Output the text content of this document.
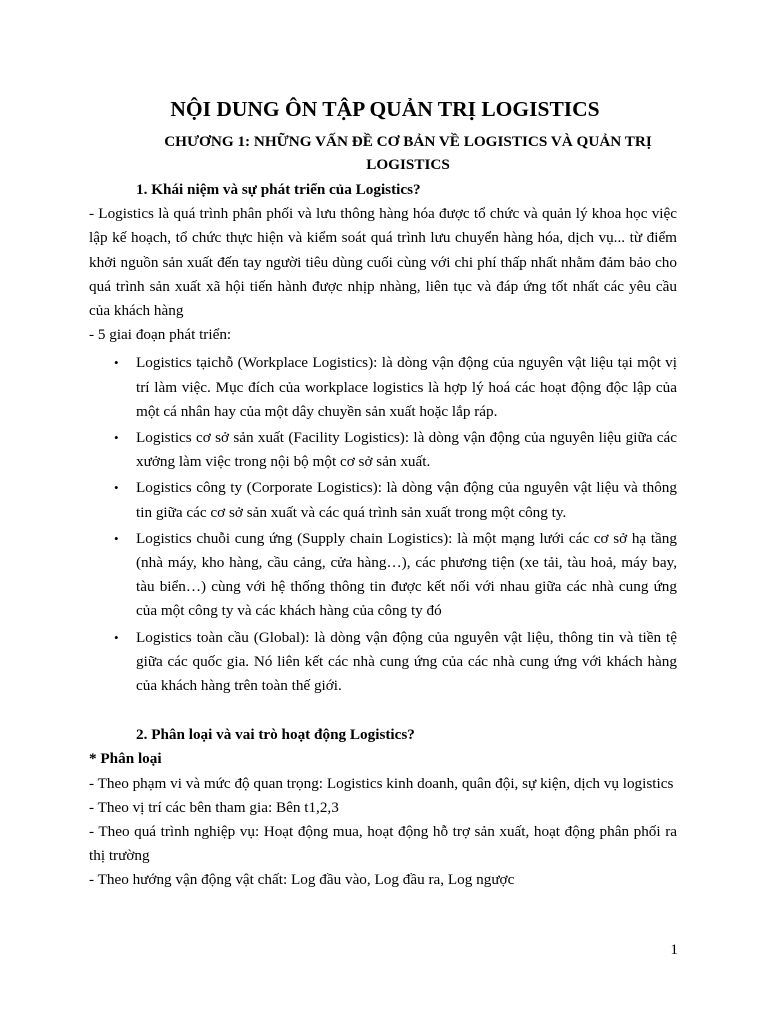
NỘI DUNG ÔN TẬP QUẢN TRỊ LOGISTICS
CHƯƠNG 1: NHỮNG VẤN ĐỀ CƠ BẢN VỀ LOGISTICS VÀ QUẢN TRỊ LOGISTICS
1. Khái niệm và sự phát triển của Logistics?

- Logistics là quá trình phân phối và lưu thông hàng hóa được tổ chức và quản lý khoa học việc lập kế hoạch, tổ chức thực hiện và kiểm soát quá trình lưu chuyển hàng hóa, dịch vụ... từ điểm khởi nguồn sản xuất đến tay người tiêu dùng cuối cùng với chi phí thấp nhất nhằm đảm bảo cho quá trình sản xuất xã hội tiến hành được nhịp nhàng, liên tục và đáp ứng tốt nhất các yêu cầu của khách hàng

- 5 giai đoạn phát triển:

• Logistics tạichỗ (Workplace Logistics): là dòng vận động của nguyên vật liệu tại một vị trí làm việc. Mục đích của workplace logistics là hợp lý hoá các hoạt động độc lập của một cá nhân hay của một dây chuyền sản xuất hoặc lắp ráp.
• Logistics cơ sở sản xuất (Facility Logistics): là dòng vận động của nguyên liệu giữa các xưởng làm việc trong nội bộ một cơ sở sản xuất.
• Logistics công ty (Corporate Logistics): là dòng vận động của nguyên vật liệu và thông tin giữa các cơ sở sản xuất và các quá trình sản xuất trong một công ty.
• Logistics chuỗi cung ứng (Supply chain Logistics): là một mạng lưới các cơ sở hạ tầng (nhà máy, kho hàng, cầu cảng, cửa hàng…), các phương tiện (xe tải, tàu hoả, máy bay, tàu biển…) cùng với hệ thống thông tin được kết nối với nhau giữa các nhà cung ứng của một công ty và các khách hàng của công ty đó
• Logistics toàn cầu (Global): là dòng vận động của nguyên vật liệu, thông tin và tiền tệ giữa các quốc gia. Nó liên kết các nhà cung ứng của các nhà cung ứng với khách hàng của khách hàng trên toàn thế giới.
2. Phân loại và vai trò hoạt động Logistics?

* Phân loại

- Theo phạm vi và mức độ quan trọng: Logistics kinh doanh, quân đội, sự kiện, dịch vụ logistics

- Theo vị trí các bên tham gia: Bên t1,2,3

- Theo quá trình nghiệp vụ: Hoạt động mua, hoạt động hỗ trợ sản xuất, hoạt động phân phối ra thị trường

- Theo hướng vận động vật chất: Log đầu vào, Log đầu ra, Log ngược

1
